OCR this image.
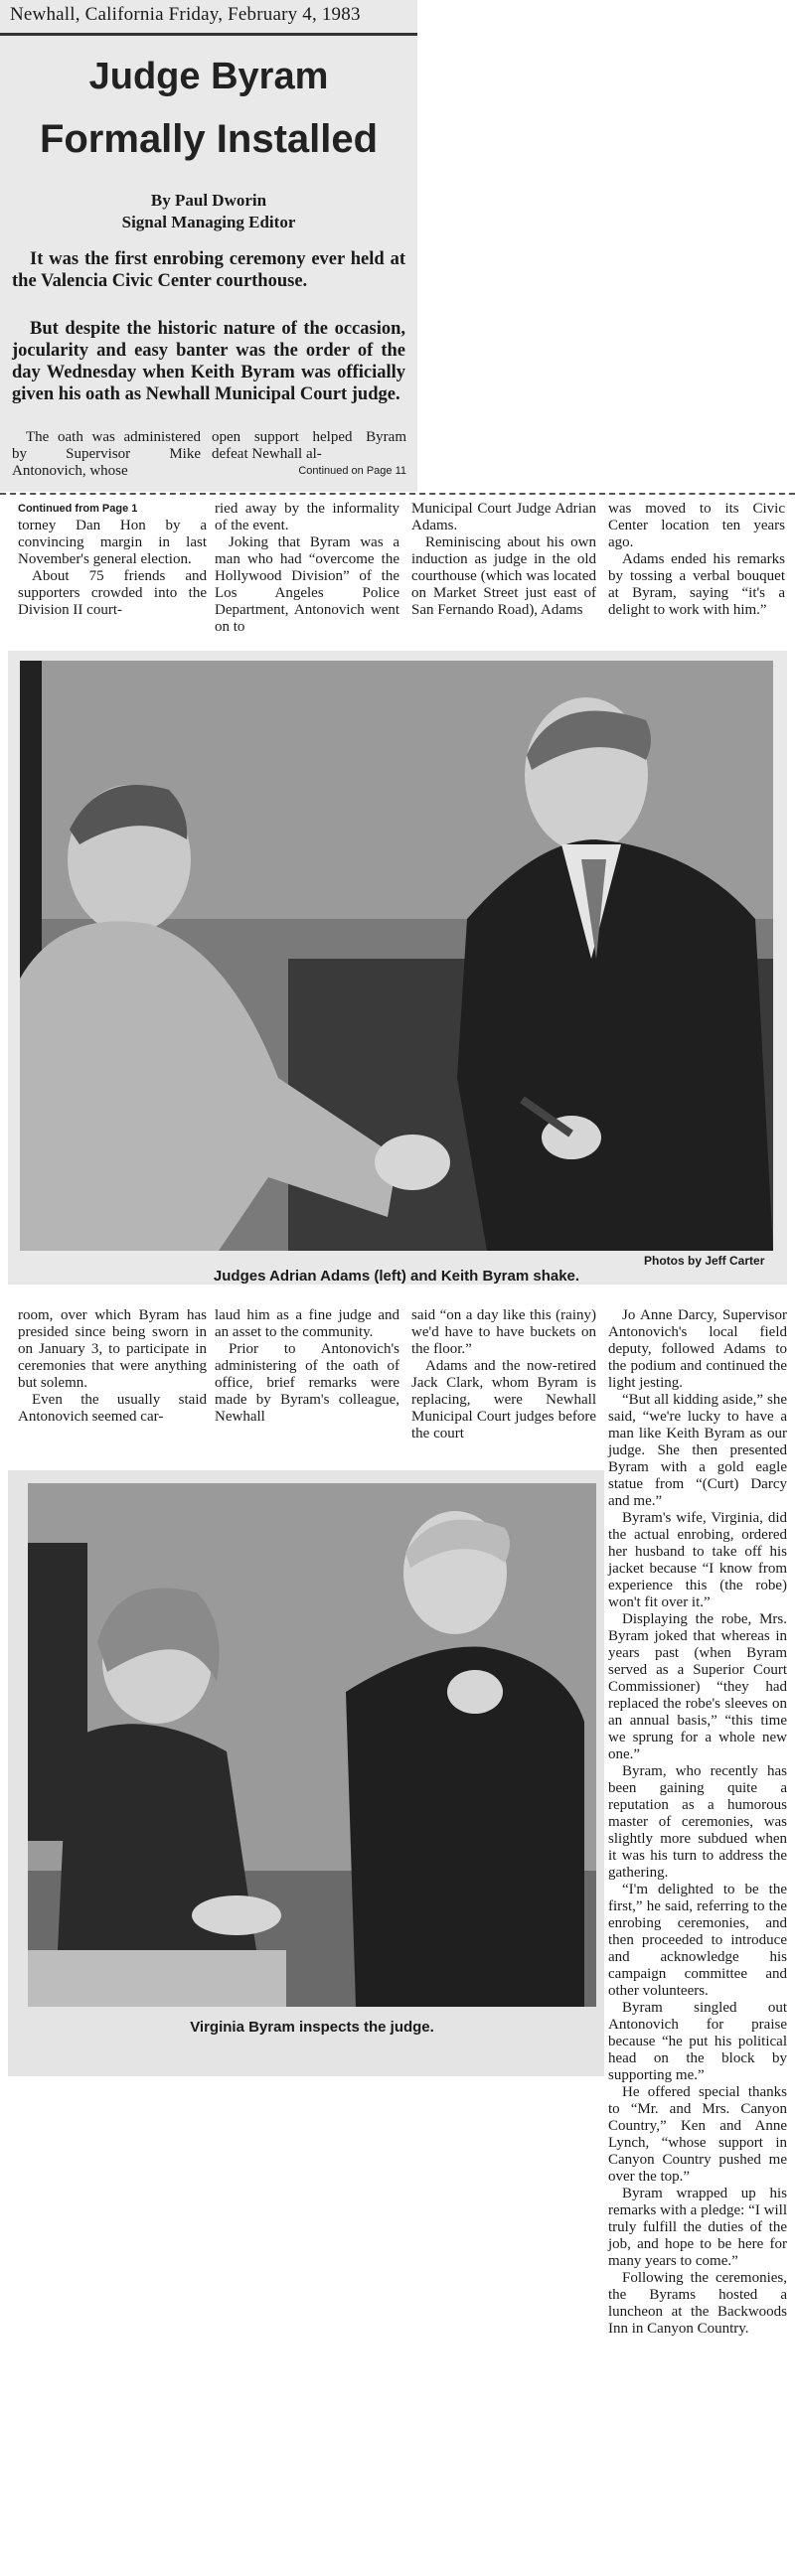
Newhall, California Friday, February 4, 1983
Judge Byram
Formally Installed
By Paul Dworin
Signal Managing Editor
It was the first enrobing ceremony ever held at the Valencia Civic Center courthouse.
But despite the historic nature of the occasion, jocularity and easy banter was the order of the day Wednesday when Keith Byram was officially given his oath as Newhall Municipal Court judge.
The oath was administered by Supervisor Mike Antonovich, whose
open support helped Byram defeat Newhall al-
Continued on Page 11
Continued from Page 1
torney Dan Hon by a convincing margin in last November's general election.
About 75 friends and supporters crowded into the Division II court-
ried away by the informality of the event.
Joking that Byram was a man who had “overcome the Hollywood Division” of the Los Angeles Police Department, Antonovich went on to
Municipal Court Judge Adrian Adams.
Reminiscing about his own induction as judge in the old courthouse (which was located on Market Street just east of San Fernando Road), Adams
was moved to its Civic Center location ten years ago.
Adams ended his remarks by tossing a verbal bouquet at Byram, saying “it's a delight to work with him.”
Photos by Jeff Carter
Judges Adrian Adams (left) and Keith Byram shake.
room, over which Byram has presided since being sworn in on January 3, to participate in ceremonies that were anything but solemn.
Even the usually staid Antonovich seemed car-
laud him as a fine judge and an asset to the community.
Prior to Antonovich's administering of the oath of office, brief remarks were made by Byram's colleague, Newhall
said “on a day like this (rainy) we'd have to have buckets on the floor.”
Adams and the now-retired Jack Clark, whom Byram is replacing, were Newhall Municipal Court judges before the court
Virginia Byram inspects the judge.
Jo Anne Darcy, Supervisor Antonovich's local field deputy, followed Adams to the podium and continued the light jesting.
“But all kidding aside,” she said, “we're lucky to have a man like Keith Byram as our judge. She then presented Byram with a gold eagle statue from “(Curt) Darcy and me.”
Byram's wife, Virginia, did the actual enrobing, ordered her husband to take off his jacket because “I know from experience this (the robe) won't fit over it.”
Displaying the robe, Mrs. Byram joked that whereas in years past (when Byram served as a Superior Court Commissioner) “they had replaced the robe's sleeves on an annual basis,” “this time we sprung for a whole new one.”
Byram, who recently has been gaining quite a reputation as a humorous master of ceremonies, was slightly more subdued when it was his turn to address the gathering.
“I'm delighted to be the first,” he said, referring to the enrobing ceremonies, and then proceeded to introduce and acknowledge his campaign committee and other volunteers.
Byram singled out Antonovich for praise because “he put his political head on the block by supporting me.”
He offered special thanks to “Mr. and Mrs. Canyon Country,” Ken and Anne Lynch, “whose support in Canyon Country pushed me over the top.”
Byram wrapped up his remarks with a pledge: “I will truly fulfill the duties of the job, and hope to be here for many years to come.”
Following the ceremonies, the Byrams hosted a luncheon at the Backwoods Inn in Canyon Country.
